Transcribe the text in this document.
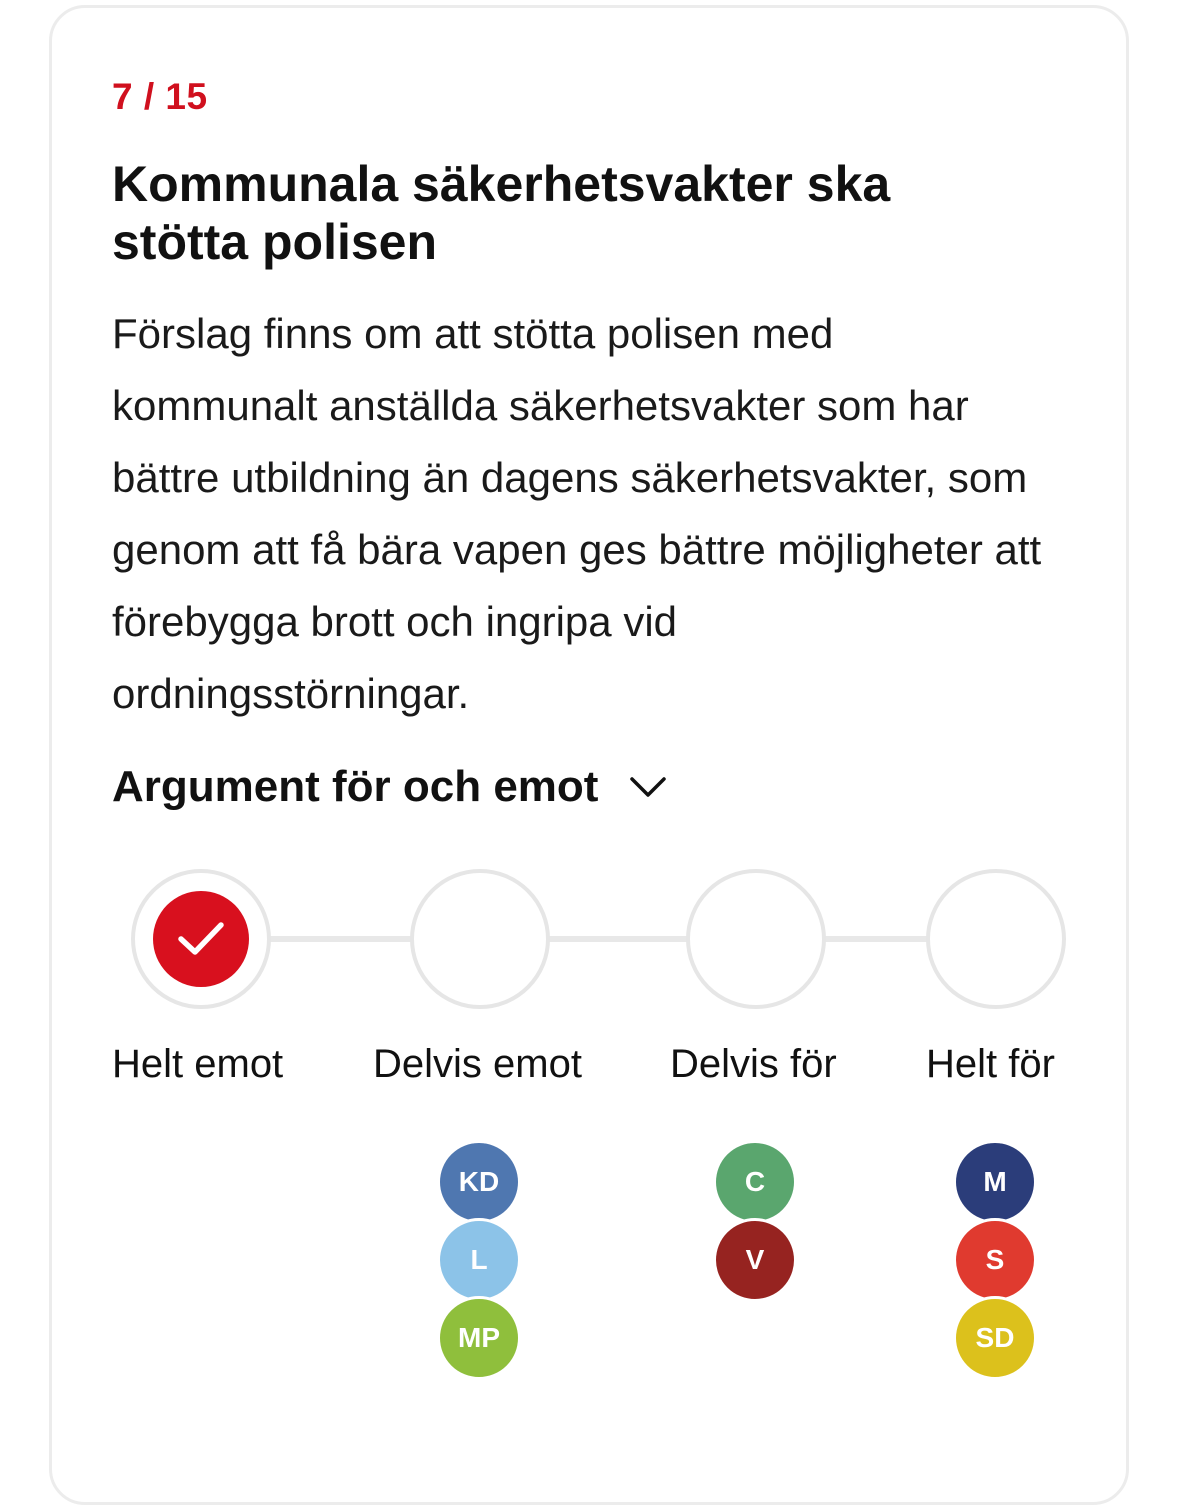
7 / 15
Kommunala säkerhetsvakter ska stötta polisen

Förslag finns om att stötta polisen med kommunalt anställda säkerhetsvakter som har bättre utbildning än dagens säkerhetsvakter, som genom att få bära vapen ges bättre möjligheter att förebygga brott och ingripa vid ordningsstörningar.

Argument för och emot
Helt emot Delvis emot Delvis för Helt för
KD
L
MP
C
V
M
S
SD
